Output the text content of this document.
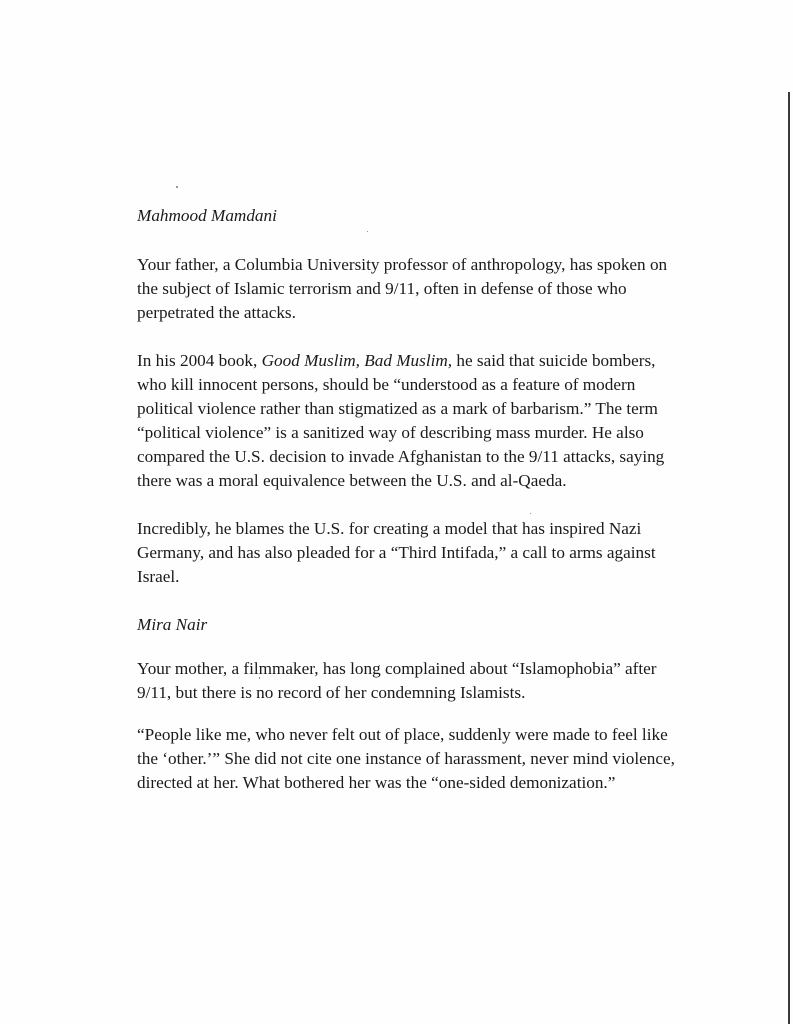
Mahmood Mamdani

Your father, a Columbia University professor of anthropology, has spoken on the subject of Islamic terrorism and 9/11, often in defense of those who perpetrated the attacks.

In his 2004 book, Good Muslim, Bad Muslim, he said that suicide bombers, who kill innocent persons, should be “understood as a feature of modern political violence rather than stigmatized as a mark of barbarism.” The term “political violence” is a sanitized way of describing mass murder. He also compared the U.S. decision to invade Afghanistan to the 9/11 attacks, saying there was a moral equivalence between the U.S. and al-Qaeda.

Incredibly, he blames the U.S. for creating a model that has inspired Nazi Germany, and has also pleaded for a “Third Intifada,” a call to arms against Israel.

Mira Nair

Your mother, a filmmaker, has long complained about “Islamophobia” after 9/11, but there is no record of her condemning Islamists.

“People like me, who never felt out of place, suddenly were made to feel like the ‘other.’” She did not cite one instance of harassment, never mind violence, directed at her. What bothered her was the “one-sided demonization.”
